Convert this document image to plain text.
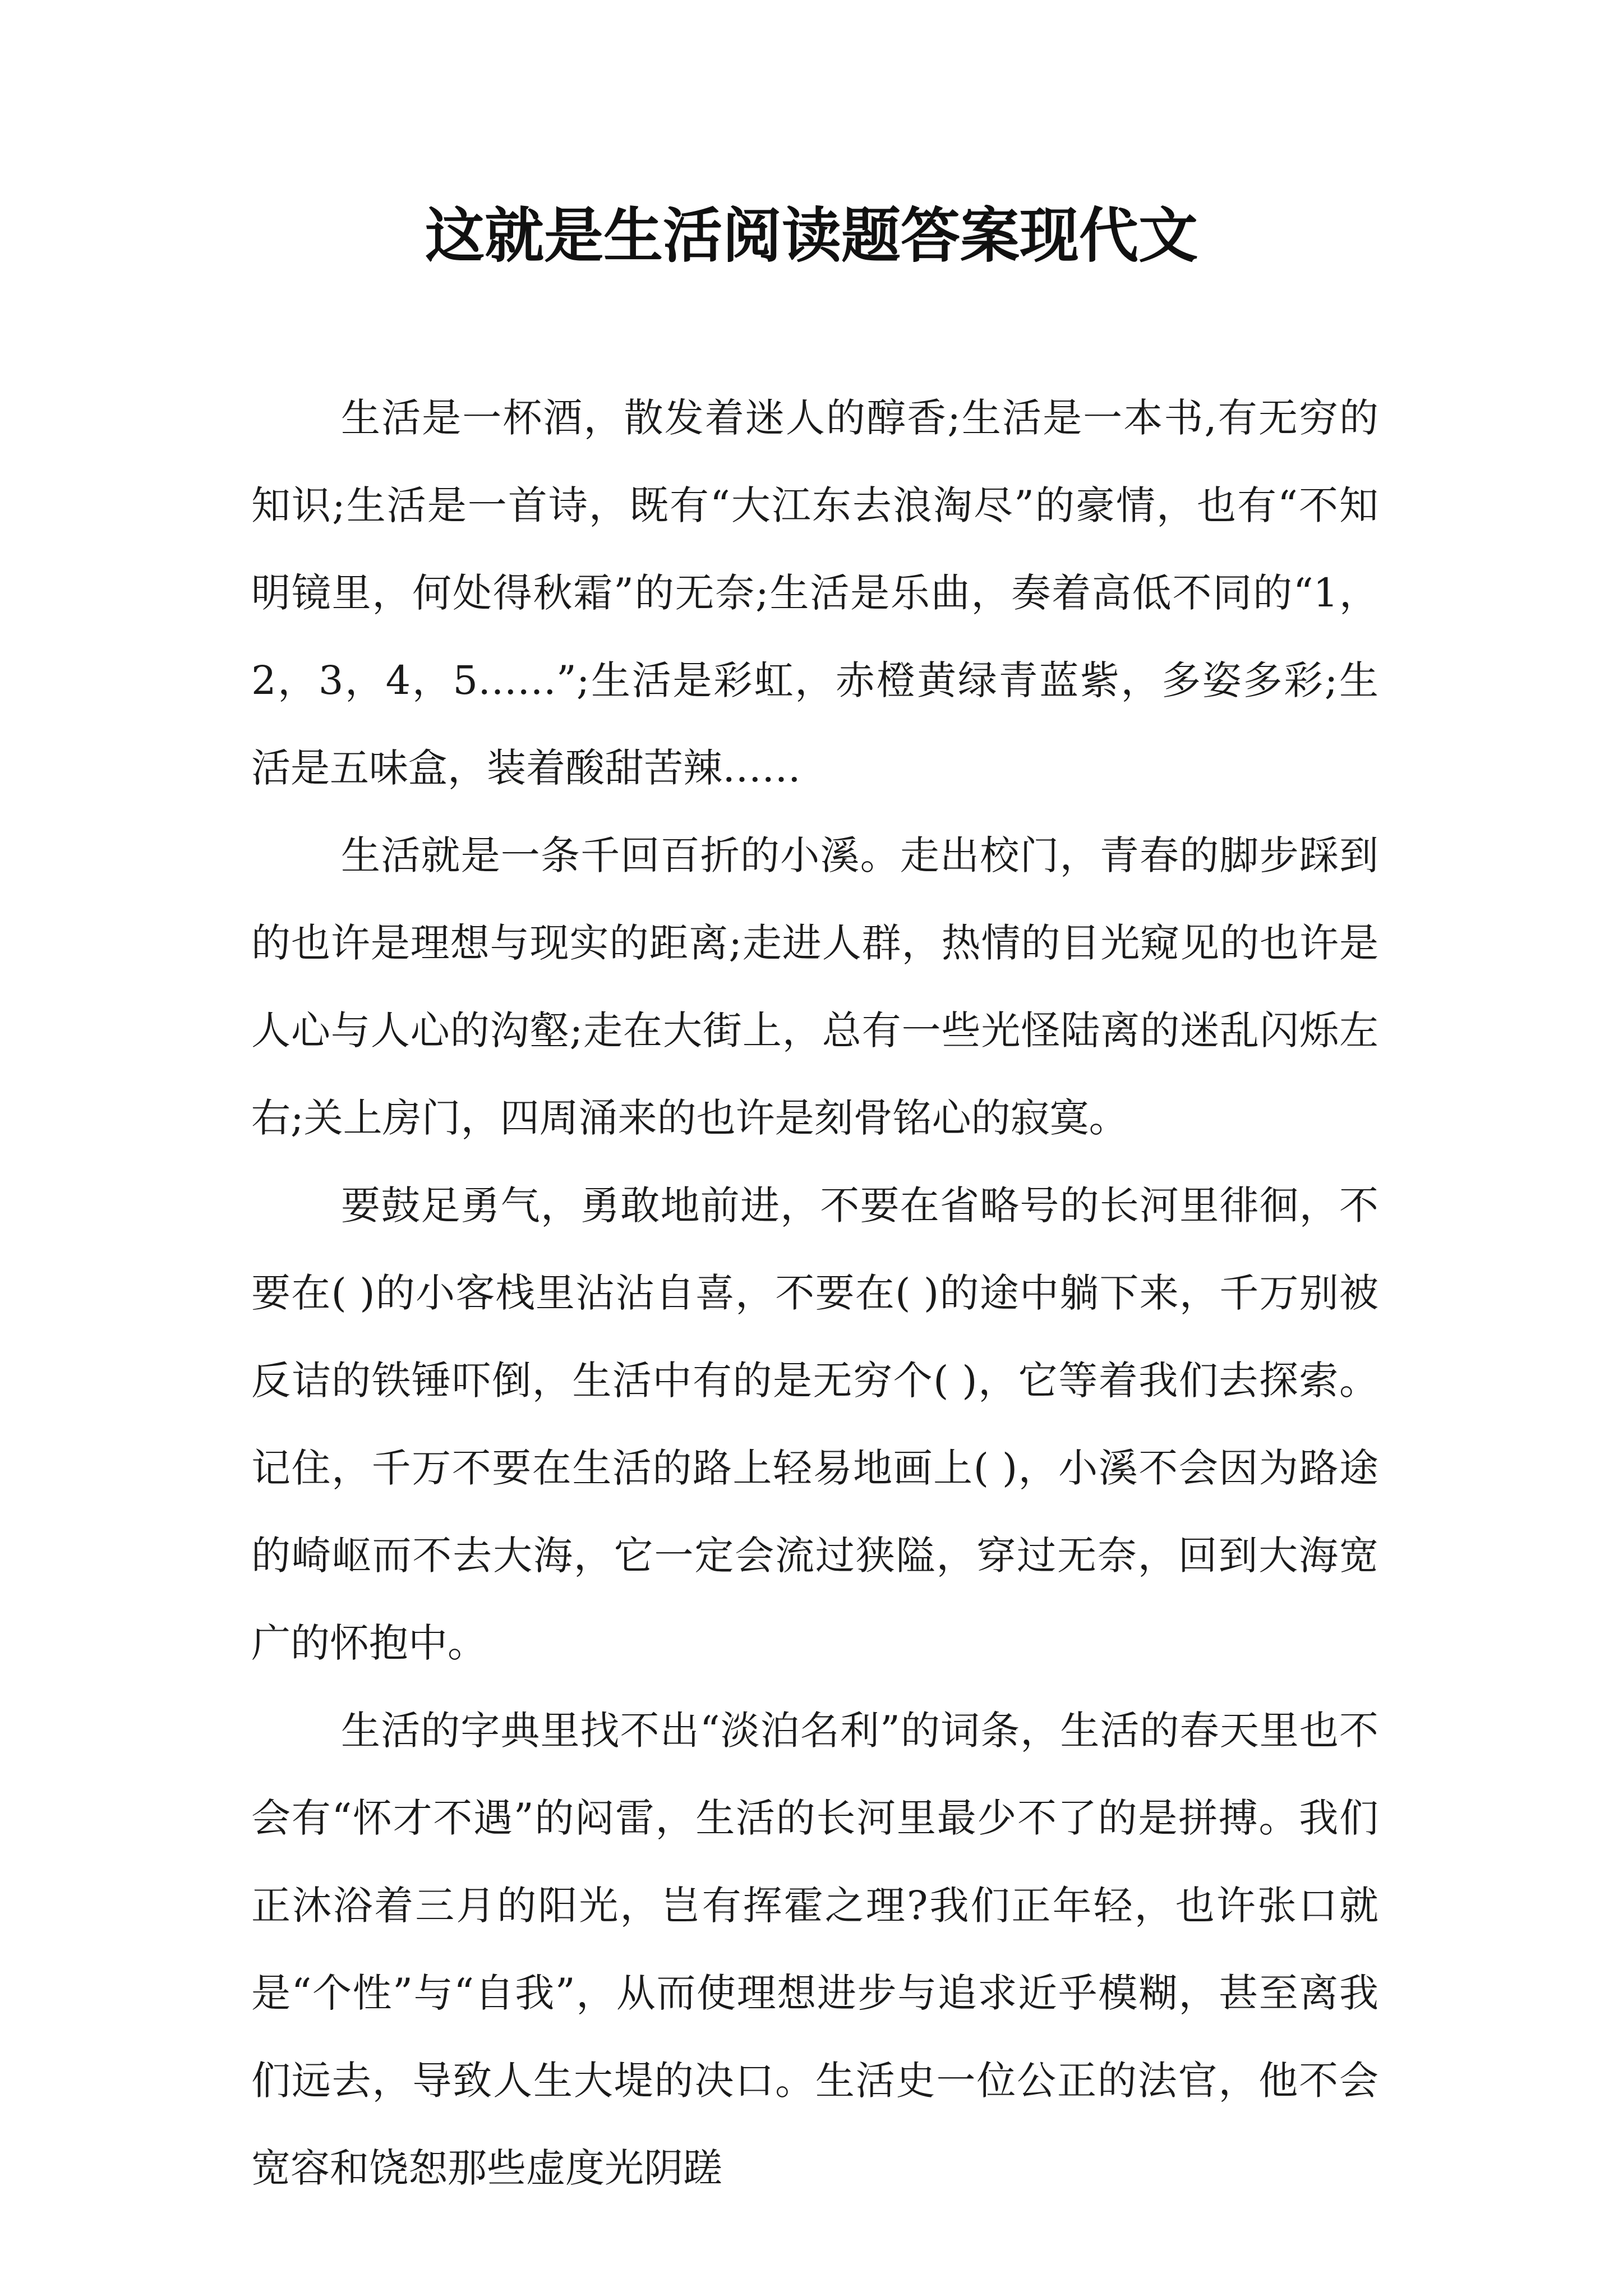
这就是生活阅读题答案现代文

生活是一杯酒，散发着迷人的醇香;生活是一本书,有无穷的知识;生活是一首诗，既有“大江东去浪淘尽”的豪情，也有“不知明镜里，何处得秋霜”的无奈;生活是乐曲，奏着高低不同的“1，2，3，4，5……”;生活是彩虹，赤橙黄绿青蓝紫，多姿多彩;生活是五味盒，装着酸甜苦辣……

生活就是一条千回百折的小溪。走出校门，青春的脚步踩到的也许是理想与现实的距离;走进人群，热情的目光窥见的也许是人心与人心的沟壑;走在大街上，总有一些光怪陆离的迷乱闪烁左右;关上房门，四周涌来的也许是刻骨铭心的寂寞。

要鼓足勇气，勇敢地前进，不要在省略号的长河里徘徊，不要在( )的小客栈里沾沾自喜，不要在( )的途中躺下来，千万别被反诘的铁锤吓倒，生活中有的是无穷个( )，它等着我们去探索。记住，千万不要在生活的路上轻易地画上( )，小溪不会因为路途的崎岖而不去大海，它一定会流过狭隘，穿过无奈，回到大海宽广的怀抱中。

生活的字典里找不出“淡泊名利”的词条，生活的春天里也不会有“怀才不遇”的闷雷，生活的长河里最少不了的是拼搏。我们正沐浴着三月的阳光，岂有挥霍之理?我们正年轻，也许张口就是“个性”与“自我”，从而使理想进步与追求近乎模糊，甚至离我们远去，导致人生大堤的决口。生活史一位公正的法官，他不会宽容和饶恕那些虚度光阴蹉
